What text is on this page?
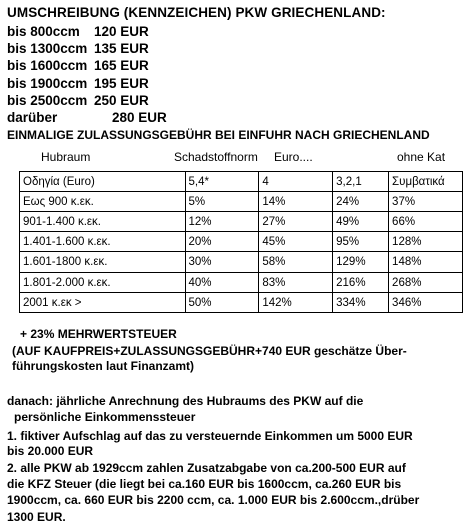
UMSCHREIBUNG (KENNZEICHEN) PKW GRIECHENLAND:
bis 800ccm 120 EUR
bis 1300ccm 135 EUR
bis 1600ccm 165 EUR
bis 1900ccm 195 EUR
bis 2500ccm 250 EUR
darüber	280 EUR
EINMALIGE ZULASSUNGSGEBÜHR BEI EINFUHR NACH GRIECHENLAND
Hubraum	Schadstoffnorm Euro....	ohne Kat
Οδηγία (Euro)	5,4*	4	3,2,1	Συμβατικά
Εως 900 κ.εκ.	5%	14%	24%	37%
901-1.400 κ.εκ.	12%	27%	49%	66%
1.401-1.600 κ.εκ.	20%	45%	95%	128%
1.601-1800 κ.εκ.	30%	58%	129%	148%
1.801-2.000 κ.εκ.	40%	83%	216%	268%
2001 κ.εκ >	50%	142%	334%	346%
+ 23% MEHRWERTSTEUER
(AUF KAUFPREIS+ZULASSUNGSGEBÜHR+740 EUR geschätze Über-
führungskosten laut Finanzamt)
danach: jährliche Anrechnung des Hubraums des PKW auf die
persönliche Einkommenssteuer
1. fiktiver Aufschlag auf das zu versteuernde Einkommen um 5000 EUR
bis 20.000 EUR
2. alle PKW ab 1929ccm zahlen Zusatzabgabe von ca.200-500 EUR auf
die KFZ Steuer (die liegt bei ca.160 EUR bis 1600ccm, ca.260 EUR bis
1900ccm, ca. 660 EUR bis 2200 ccm, ca. 1.000 EUR bis 2.600ccm.,drüber
1300 EUR.
